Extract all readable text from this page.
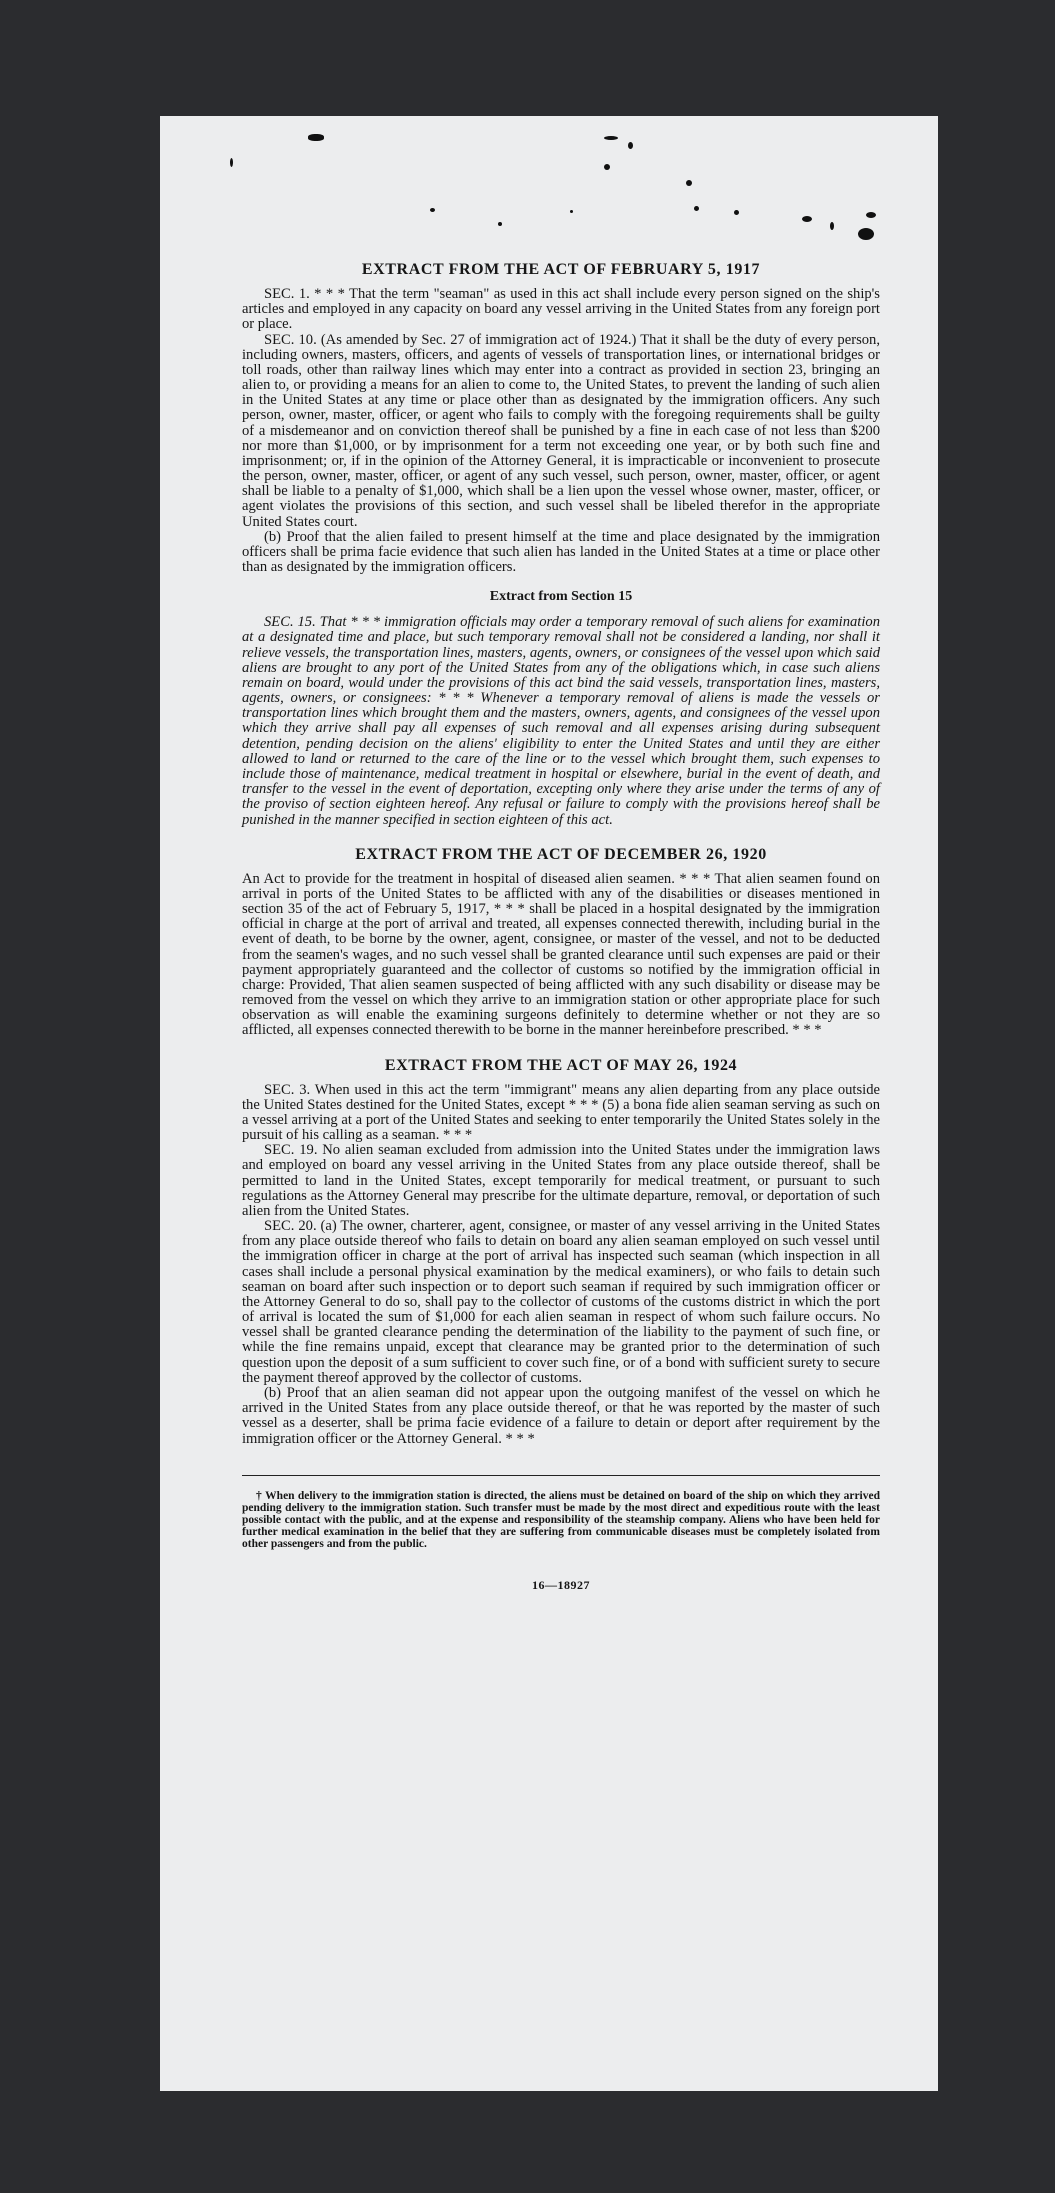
EXTRACT FROM THE ACT OF FEBRUARY 5, 1917

SEC. 1. * * * That the term "seaman" as used in this act shall include every person signed on the ship's articles and employed in any capacity on board any vessel arriving in the United States from any foreign port or place.

SEC. 10. (As amended by Sec. 27 of immigration act of 1924.) That it shall be the duty of every person, including owners, masters, officers, and agents of vessels of transportation lines, or international bridges or toll roads, other than railway lines which may enter into a contract as provided in section 23, bringing an alien to, or providing a means for an alien to come to, the United States, to prevent the landing of such alien in the United States at any time or place other than as designated by the immigration officers. Any such person, owner, master, officer, or agent who fails to comply with the foregoing requirements shall be guilty of a misdemeanor and on conviction thereof shall be punished by a fine in each case of not less than $200 nor more than $1,000, or by imprisonment for a term not exceeding one year, or by both such fine and imprisonment; or, if in the opinion of the Attorney General, it is impracticable or inconvenient to prosecute the person, owner, master, officer, or agent of any such vessel, such person, owner, master, officer, or agent shall be liable to a penalty of $1,000, which shall be a lien upon the vessel whose owner, master, officer, or agent violates the provisions of this section, and such vessel shall be libeled therefor in the appropriate United States court.

(b) Proof that the alien failed to present himself at the time and place designated by the immigration officers shall be prima facie evidence that such alien has landed in the United States at a time or place other than as designated by the immigration officers.

Extract from Section 15

SEC. 15. That * * * immigration officials may order a temporary removal of such aliens for examination at a designated time and place, but such temporary removal shall not be considered a landing, nor shall it relieve vessels, the transportation lines, masters, agents, owners, or consignees of the vessel upon which said aliens are brought to any port of the United States from any of the obligations which, in case such aliens remain on board, would under the provisions of this act bind the said vessels, transportation lines, masters, agents, owners, or consignees: * * * Whenever a temporary removal of aliens is made the vessels or transportation lines which brought them and the masters, owners, agents, and consignees of the vessel upon which they arrive shall pay all expenses of such removal and all expenses arising during subsequent detention, pending decision on the aliens' eligibility to enter the United States and until they are either allowed to land or returned to the care of the line or to the vessel which brought them, such expenses to include those of maintenance, medical treatment in hospital or elsewhere, burial in the event of death, and transfer to the vessel in the event of deportation, excepting only where they arise under the terms of any of the proviso of section eighteen hereof. Any refusal or failure to comply with the provisions hereof shall be punished in the manner specified in section eighteen of this act.

EXTRACT FROM THE ACT OF DECEMBER 26, 1920

An Act to provide for the treatment in hospital of diseased alien seamen. * * * That alien seamen found on arrival in ports of the United States to be afflicted with any of the disabilities or diseases mentioned in section 35 of the act of February 5, 1917, * * * shall be placed in a hospital designated by the immigration official in charge at the port of arrival and treated, all expenses connected therewith, including burial in the event of death, to be borne by the owner, agent, consignee, or master of the vessel, and not to be deducted from the seamen's wages, and no such vessel shall be granted clearance until such expenses are paid or their payment appropriately guaranteed and the collector of customs so notified by the immigration official in charge: Provided, That alien seamen suspected of being afflicted with any such disability or disease may be removed from the vessel on which they arrive to an immigration station or other appropriate place for such observation as will enable the examining surgeons definitely to determine whether or not they are so afflicted, all expenses connected therewith to be borne in the manner hereinbefore prescribed. * * *

EXTRACT FROM THE ACT OF MAY 26, 1924

SEC. 3. When used in this act the term "immigrant" means any alien departing from any place outside the United States destined for the United States, except * * * (5) a bona fide alien seaman serving as such on a vessel arriving at a port of the United States and seeking to enter temporarily the United States solely in the pursuit of his calling as a seaman. * * *

SEC. 19. No alien seaman excluded from admission into the United States under the immigration laws and employed on board any vessel arriving in the United States from any place outside thereof, shall be permitted to land in the United States, except temporarily for medical treatment, or pursuant to such regulations as the Attorney General may prescribe for the ultimate departure, removal, or deportation of such alien from the United States.

SEC. 20. (a) The owner, charterer, agent, consignee, or master of any vessel arriving in the United States from any place outside thereof who fails to detain on board any alien seaman employed on such vessel until the immigration officer in charge at the port of arrival has inspected such seaman (which inspection in all cases shall include a personal physical examination by the medical examiners), or who fails to detain such seaman on board after such inspection or to deport such seaman if required by such immigration officer or the Attorney General to do so, shall pay to the collector of customs of the customs district in which the port of arrival is located the sum of $1,000 for each alien seaman in respect of whom such failure occurs. No vessel shall be granted clearance pending the determination of the liability to the payment of such fine, or while the fine remains unpaid, except that clearance may be granted prior to the determination of such question upon the deposit of a sum sufficient to cover such fine, or of a bond with sufficient surety to secure the payment thereof approved by the collector of customs.

(b) Proof that an alien seaman did not appear upon the outgoing manifest of the vessel on which he arrived in the United States from any place outside thereof, or that he was reported by the master of such vessel as a deserter, shall be prima facie evidence of a failure to detain or deport after requirement by the immigration officer or the Attorney General. * * *

† When delivery to the immigration station is directed, the aliens must be detained on board of the ship on which they arrived pending delivery to the immigration station. Such transfer must be made by the most direct and expeditious route with the least possible contact with the public, and at the expense and responsibility of the steamship company. Aliens who have been held for further medical examination in the belief that they are suffering from communicable diseases must be completely isolated from other passengers and from the public.

16—18927
